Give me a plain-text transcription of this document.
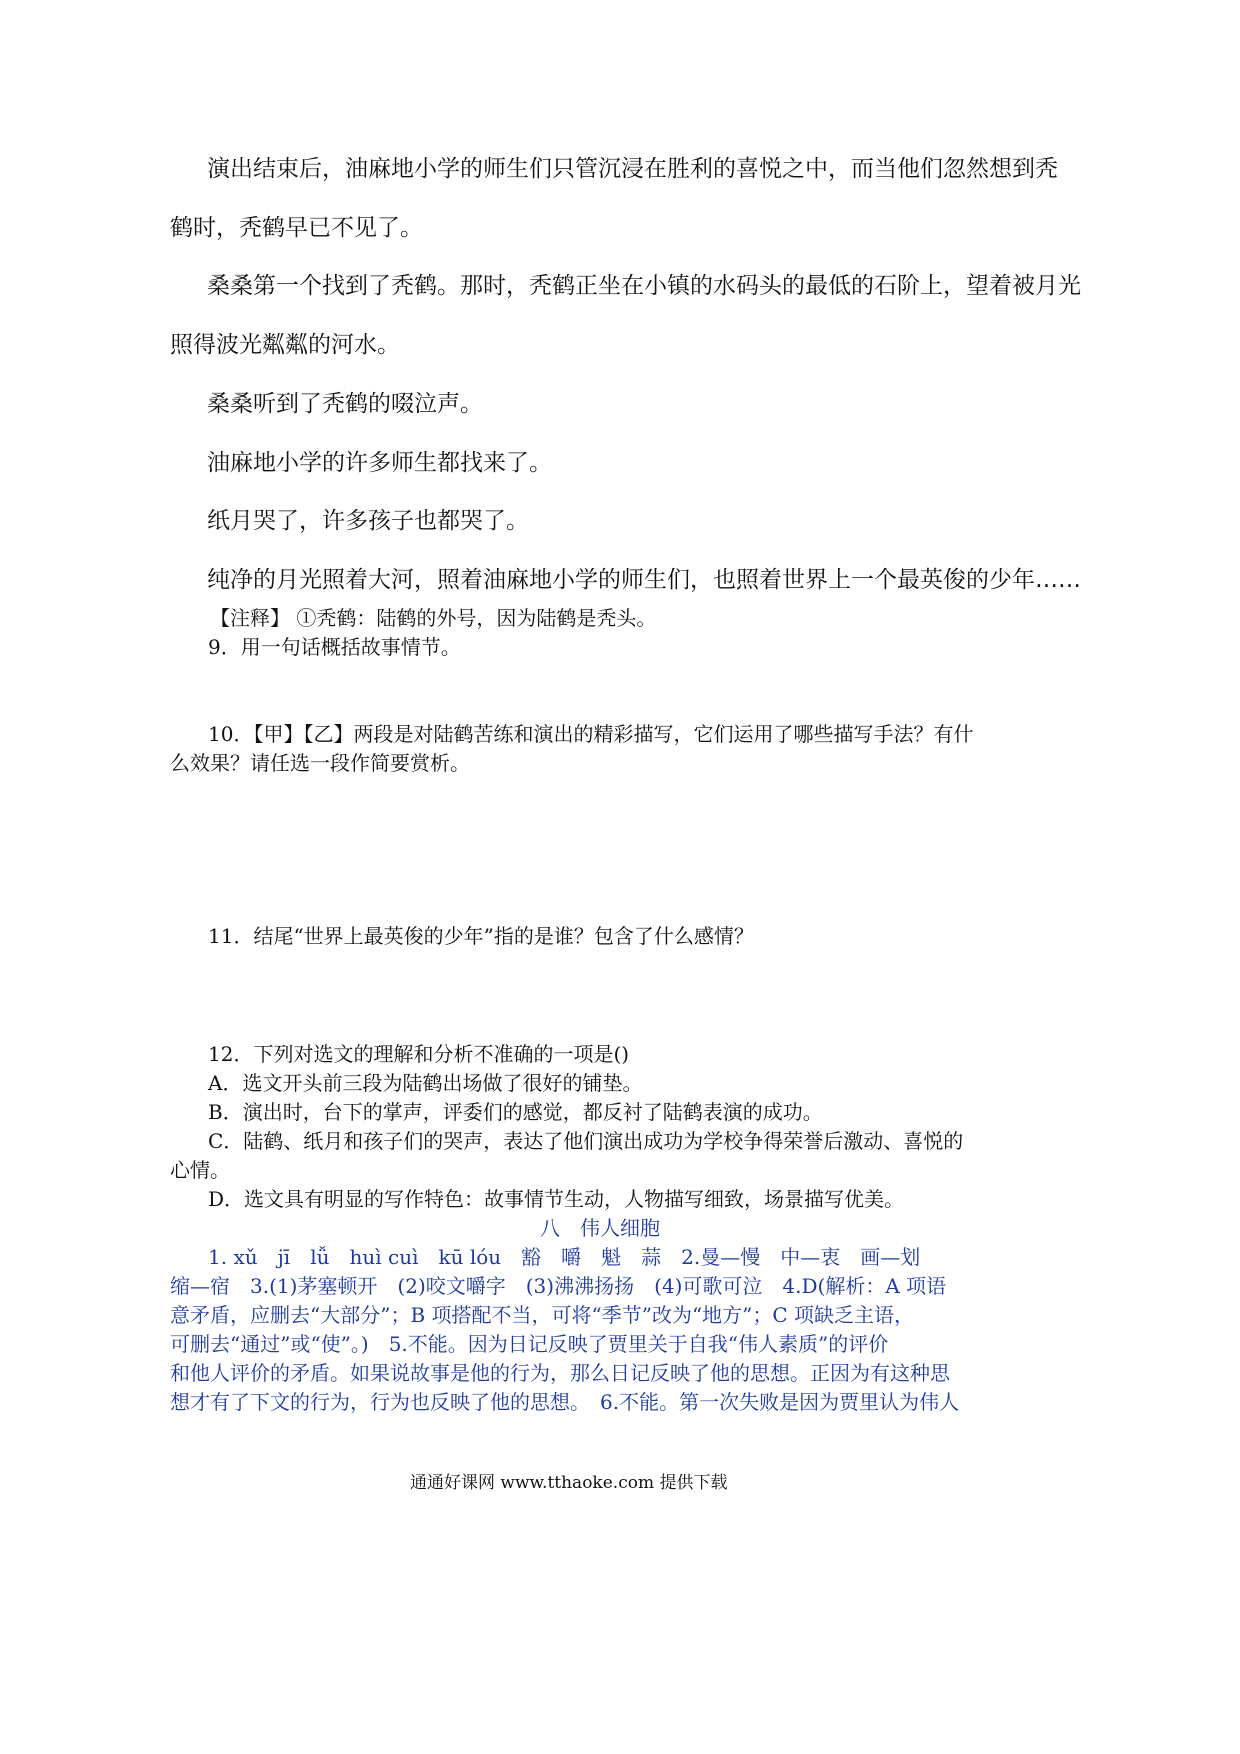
演出结束后，油麻地小学的师生们只管沉浸在胜利的喜悦之中，而当他们忽然想到秃
鹤时，秃鹤早已不见了。
桑桑第一个找到了秃鹤。那时，秃鹤正坐在小镇的水码头的最低的石阶上，望着被月光
照得波光粼粼的河水。
桑桑听到了秃鹤的啜泣声。
油麻地小学的许多师生都找来了。
纸月哭了，许多孩子也都哭了。
纯净的月光照着大河，照着油麻地小学的师生们，也照着世界上一个最英俊的少年……
【注释】 ①秃鹤：陆鹤的外号，因为陆鹤是秃头。
9．用一句话概括故事情节。
10．【甲】【乙】两段是对陆鹤苦练和演出的精彩描写，它们运用了哪些描写手法？有什
么效果？请任选一段作简要赏析。
11．结尾“世界上最英俊的少年”指的是谁？包含了什么感情？
12．下列对选文的理解和分析不准确的一项是()
A．选文开头前三段为陆鹤出场做了很好的铺垫。
B．演出时，台下的掌声，评委们的感觉，都反衬了陆鹤表演的成功。
C．陆鹤、纸月和孩子们的哭声，表达了他们演出成功为学校争得荣誉后激动、喜悦的
心情。
D．选文具有明显的写作特色：故事情节生动，人物描写细致，场景描写优美。
八　伟人细胞
1. xǔ　jī　lǚ　huì cuì　kū lóu　豁　嚼　魁　蒜　2.曼—慢　中—衷　画—划
缩—宿　3.(1)茅塞顿开　(2)咬文嚼字　(3)沸沸扬扬　(4)可歌可泣　4.D(解析：A 项语
意矛盾，应删去“大部分”；B 项搭配不当，可将“季节”改为“地方”；C 项缺乏主语，
可删去“通过”或“使”。)　5.不能。因为日记反映了贾里关于自我“伟人素质”的评价
和他人评价的矛盾。如果说故事是他的行为，那么日记反映了他的思想。正因为有这种思
想才有了下文的行为，行为也反映了他的思想。　6.不能。第一次失败是因为贾里认为伟人
通通好课网 www.tthaoke.com 提供下载
